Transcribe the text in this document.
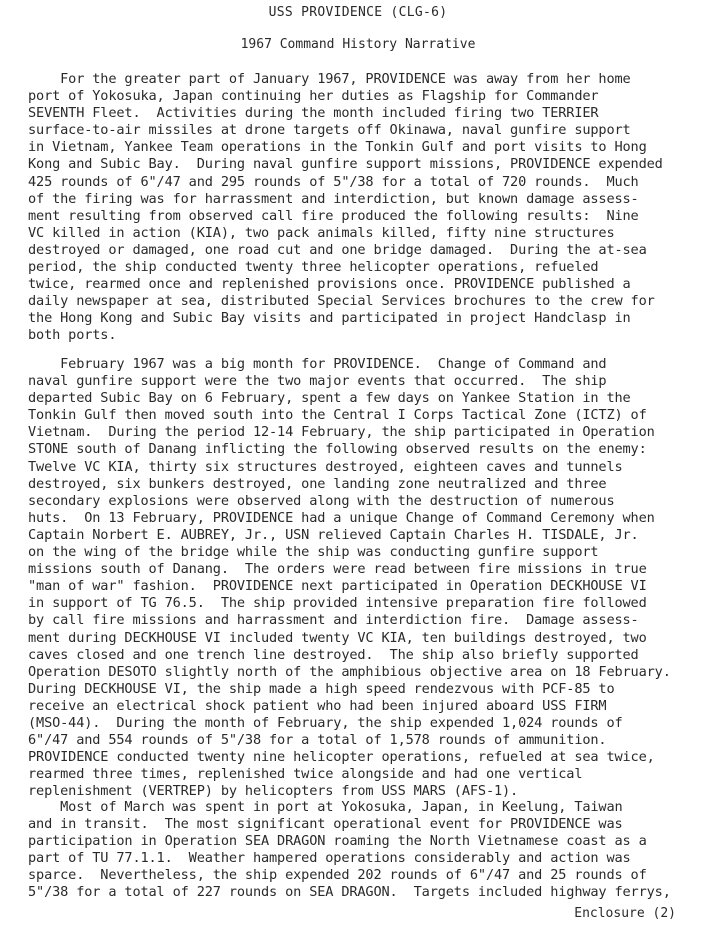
USS PROVIDENCE (CLG-6)
1967 Command History Narrative
For the greater part of January 1967, PROVIDENCE was away from her home
port of Yokosuka, Japan continuing her duties as Flagship for Commander
SEVENTH Fleet.  Activities during the month included firing two TERRIER
surface-to-air missiles at drone targets off Okinawa, naval gunfire support
in Vietnam, Yankee Team operations in the Tonkin Gulf and port visits to Hong
Kong and Subic Bay.  During naval gunfire support missions, PROVIDENCE expended
425 rounds of 6"/47 and 295 rounds of 5"/38 for a total of 720 rounds.  Much
of the firing was for harrassment and interdiction, but known damage assess-
ment resulting from observed call fire produced the following results:  Nine
VC killed in action (KIA), two pack animals killed, fifty nine structures
destroyed or damaged, one road cut and one bridge damaged.  During the at-sea
period, the ship conducted twenty three helicopter operations, refueled
twice, rearmed once and replenished provisions once. PROVIDENCE published a
daily newspaper at sea, distributed Special Services brochures to the crew for
the Hong Kong and Subic Bay visits and participated in project Handclasp in
both ports.
February 1967 was a big month for PROVIDENCE.  Change of Command and
naval gunfire support were the two major events that occurred.  The ship
departed Subic Bay on 6 February, spent a few days on Yankee Station in the
Tonkin Gulf then moved south into the Central I Corps Tactical Zone (ICTZ) of
Vietnam.  During the period 12-14 February, the ship participated in Operation
STONE south of Danang inflicting the following observed results on the enemy:
Twelve VC KIA, thirty six structures destroyed, eighteen caves and tunnels
destroyed, six bunkers destroyed, one landing zone neutralized and three
secondary explosions were observed along with the destruction of numerous
huts.  On 13 February, PROVIDENCE had a unique Change of Command Ceremony when
Captain Norbert E. AUBREY, Jr., USN relieved Captain Charles H. TISDALE, Jr.
on the wing of the bridge while the ship was conducting gunfire support
missions south of Danang.  The orders were read between fire missions in true
"man of war" fashion.  PROVIDENCE next participated in Operation DECKHOUSE VI
in support of TG 76.5.  The ship provided intensive preparation fire followed
by call fire missions and harrassment and interdiction fire.  Damage assess-
ment during DECKHOUSE VI included twenty VC KIA, ten buildings destroyed, two
caves closed and one trench line destroyed.  The ship also briefly supported
Operation DESOTO slightly north of the amphibious objective area on 18 February.
During DECKHOUSE VI, the ship made a high speed rendezvous with PCF-85 to
receive an electrical shock patient who had been injured aboard USS FIRM
(MSO-44).  During the month of February, the ship expended 1,024 rounds of
6"/47 and 554 rounds of 5"/38 for a total of 1,578 rounds of ammunition.
PROVIDENCE conducted twenty nine helicopter operations, refueled at sea twice,
rearmed three times, replenished twice alongside and had one vertical
replenishment (VERTREP) by helicopters from USS MARS (AFS-1).
Most of March was spent in port at Yokosuka, Japan, in Keelung, Taiwan
and in transit.  The most significant operational event for PROVIDENCE was
participation in Operation SEA DRAGON roaming the North Vietnamese coast as a
part of TU 77.1.1.  Weather hampered operations considerably and action was
sparce.  Nevertheless, the ship expended 202 rounds of 6"/47 and 25 rounds of
5"/38 for a total of 227 rounds on SEA DRAGON.  Targets included highway ferrys,
Enclosure (2)
